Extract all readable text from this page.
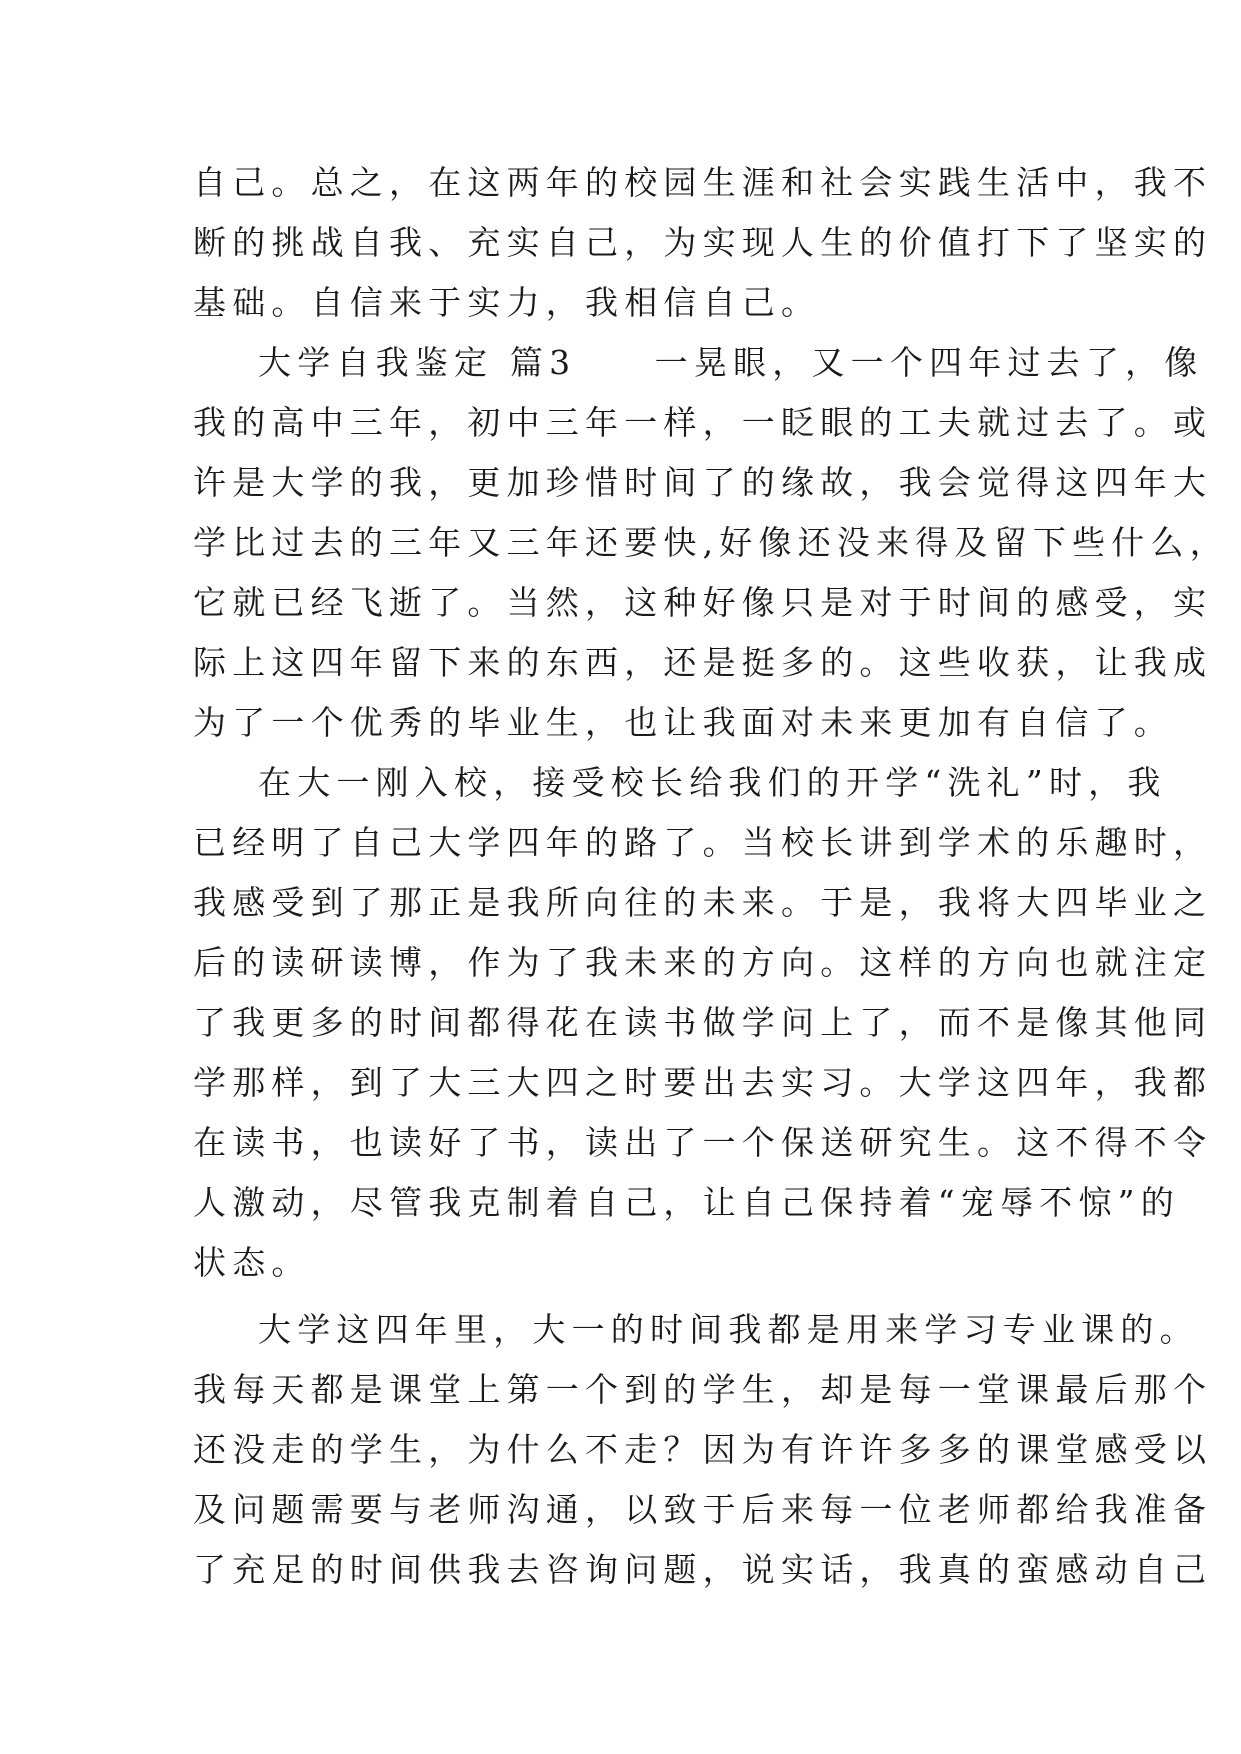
自己。总之，在这两年的校园生涯和社会实践生活中，我不
断的挑战自我、充实自己，为实现人生的价值打下了坚实的
基础。自信来于实力，我相信自己。
大学自我鉴定 篇3　　一晃眼，又一个四年过去了，像
我的高中三年，初中三年一样，一眨眼的工夫就过去了。或
许是大学的我，更加珍惜时间了的缘故，我会觉得这四年大
学比过去的三年又三年还要快,好像还没来得及留下些什么，
它就已经飞逝了。当然，这种好像只是对于时间的感受，实
际上这四年留下来的东西，还是挺多的。这些收获，让我成
为了一个优秀的毕业生，也让我面对未来更加有自信了。
在大一刚入校，接受校长给我们的开学“洗礼”时，我
已经明了自己大学四年的路了。当校长讲到学术的乐趣时，
我感受到了那正是我所向往的未来。于是，我将大四毕业之
后的读研读博，作为了我未来的方向。这样的方向也就注定
了我更多的时间都得花在读书做学问上了，而不是像其他同
学那样，到了大三大四之时要出去实习。大学这四年，我都
在读书，也读好了书，读出了一个保送研究生。这不得不令
人激动，尽管我克制着自己，让自己保持着“宠辱不惊”的
状态。
大学这四年里，大一的时间我都是用来学习专业课的。
我每天都是课堂上第一个到的学生，却是每一堂课最后那个
还没走的学生，为什么不走？因为有许许多多的课堂感受以
及问题需要与老师沟通，以致于后来每一位老师都给我准备
了充足的时间供我去咨询问题，说实话，我真的蛮感动自己
